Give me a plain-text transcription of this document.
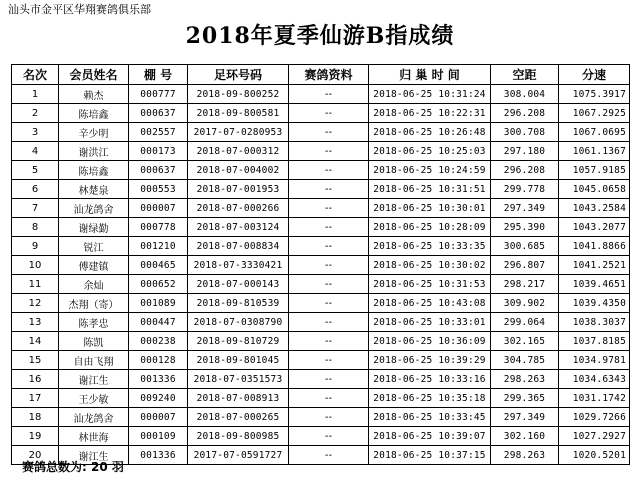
汕头市金平区华翔赛鸽俱乐部
2018年夏季仙游B指成绩
名次	会员姓名	棚 号	足环号码	赛鸽资料	归 巢 时 间	空距	分速
1	赖杰	000777	2018-09-800252	--	2018-06-25 10:31:24	308.004	1075.3917
2	陈培鑫	000637	2018-09-800581	--	2018-06-25 10:22:31	296.208	1067.2925
3	辛少明	002557	2017-07-0280953	--	2018-06-25 10:26:48	300.708	1067.0695
4	谢洪江	000173	2018-07-000312	--	2018-06-25 10:25:03	297.180	1061.1367
5	陈培鑫	000637	2018-07-004002	--	2018-06-25 10:24:59	296.208	1057.9185
6	林楚泉	000553	2018-07-001953	--	2018-06-25 10:31:51	299.778	1045.0658
7	汕龙鸽舍	000007	2018-07-000266	--	2018-06-25 10:30:01	297.349	1043.2584
8	谢绿勤	000778	2018-07-003124	--	2018-06-25 10:28:09	295.390	1043.2077
9	锐江	001210	2018-07-008834	--	2018-06-25 10:33:35	300.685	1041.8866
10	傅建镇	000465	2018-07-3330421	--	2018-06-25 10:30:02	296.807	1041.2521
11	余灿	000652	2018-07-000143	--	2018-06-25 10:31:53	298.217	1039.4651
12	杰翔（寄）	001089	2018-09-810539	--	2018-06-25 10:43:08	309.902	1039.4350
13	陈孝忠	000447	2018-07-0308790	--	2018-06-25 10:33:01	299.064	1038.3037
14	陈凯	000238	2018-09-810729	--	2018-06-25 10:36:09	302.165	1037.8185
15	自由飞翔	000128	2018-09-801045	--	2018-06-25 10:39:29	304.785	1034.9781
16	谢江生	001336	2018-07-0351573	--	2018-06-25 10:33:16	298.263	1034.6343
17	王少敏	009240	2018-07-008913	--	2018-06-25 10:35:18	299.365	1031.1742
18	汕龙鸽舍	000007	2018-07-000265	--	2018-06-25 10:33:45	297.349	1029.7266
19	林世海	000109	2018-09-800985	--	2018-06-25 10:39:07	302.160	1027.2927
20	谢江生	001336	2017-07-0591727	--	2018-06-25 10:37:15	298.263	1020.5201
赛鸽总数为: 20 羽
